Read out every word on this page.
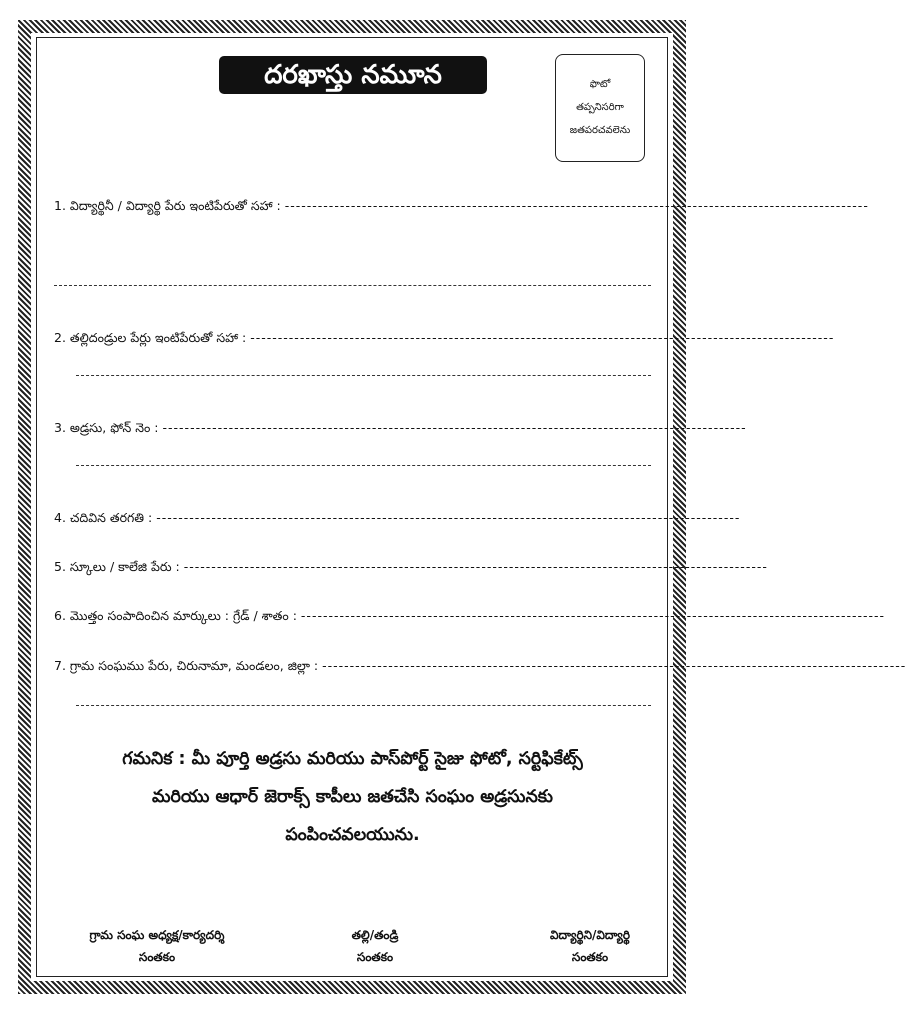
దరఖాస్తు నమూన	ఫొటో
తప్పనిసరిగా
జతపరచవలెను
1. విద్యార్థినీ / విద్యార్థి పేరు ఇంటిపేరుతో సహా : ----------------------------------------------------------------------------------------------------------
2. తల్లిదండ్రుల పేర్లు ఇంటిపేరుతో సహా : ----------------------------------------------------------------------------------------------------------
3. అడ్రసు, ఫోన్ నెం : ----------------------------------------------------------------------------------------------------------
4. చదివిన తరగతి : ----------------------------------------------------------------------------------------------------------
5. స్కూలు / కాలేజి పేరు : ----------------------------------------------------------------------------------------------------------
6. మొత్తం సంపాదించిన మార్కులు : గ్రేడ్ / శాతం : ----------------------------------------------------------------------------------------------------------
7. గ్రామ సంఘము పేరు, చిరునామా, మండలం, జిల్లా : ----------------------------------------------------------------------------------------------------------
గమనిక : మీ పూర్తి అడ్రసు మరియు పాస్‌పోర్ట్ సైజు ఫోటో, సర్టిఫికేట్స్
మరియు ఆధార్ జెరాక్స్ కాపీలు జతచేసి సంఘం అడ్రసునకు
పంపించవలయును.
గ్రామ సంఘ అధ్యక్ష/కార్యదర్శి
సంతకం
తల్లి/తండ్రి
సంతకం
విద్యార్థిని/విద్యార్థి
సంతకం
